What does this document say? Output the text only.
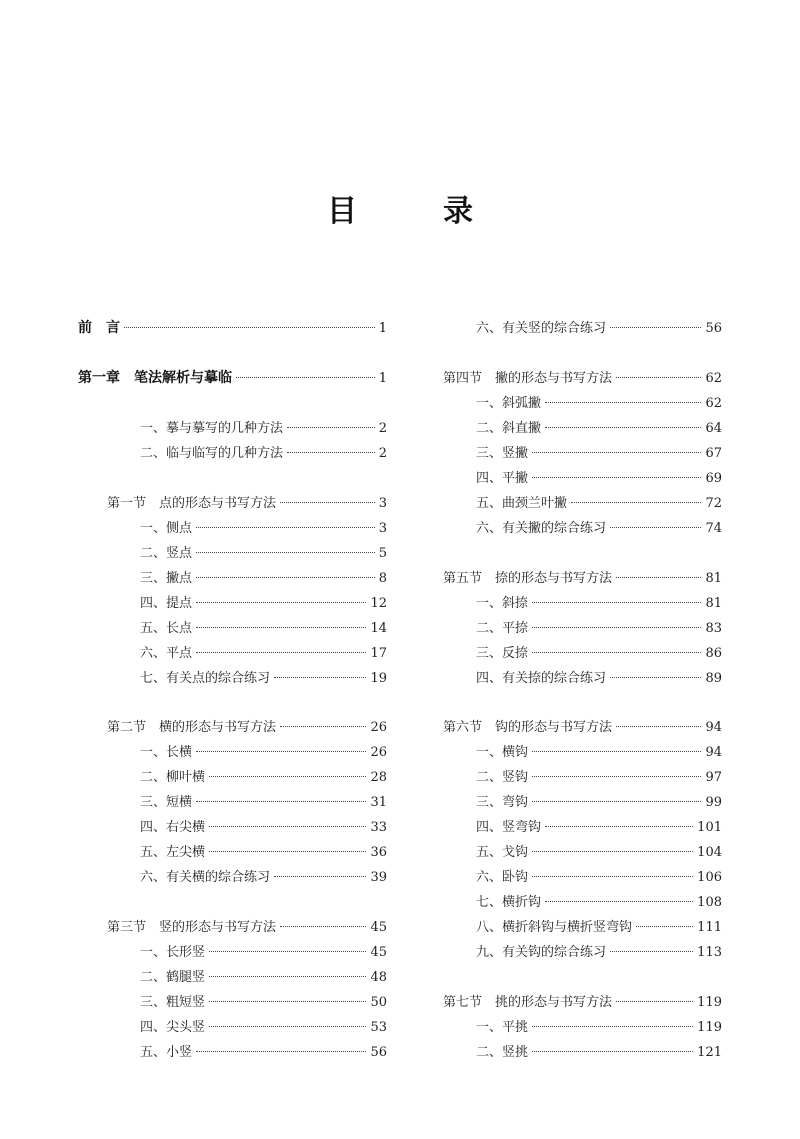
目　录
前　言	1
第一章　笔法解析与摹临	1
一、摹与摹写的几种方法	2
二、临与临写的几种方法	2
第一节　点的形态与书写方法	3
一、侧点	3
二、竖点	5
三、撇点	8
四、提点	12
五、长点	14
六、平点	17
七、有关点的综合练习	19
第二节　横的形态与书写方法	26
一、长横	26
二、柳叶横	28
三、短横	31
四、右尖横	33
五、左尖横	36
六、有关横的综合练习	39
第三节　竖的形态与书写方法	45
一、长形竖	45
二、鹤腿竖	48
三、粗短竖	50
四、尖头竖	53
五、小竖	56
六、有关竖的综合练习	56
第四节　撇的形态与书写方法	62
一、斜弧撇	62
二、斜直撇	64
三、竖撇	67
四、平撇	69
五、曲颈兰叶撇	72
六、有关撇的综合练习	74
第五节　捺的形态与书写方法	81
一、斜捺	81
二、平捺	83
三、反捺	86
四、有关捺的综合练习	89
第六节　钩的形态与书写方法	94
一、横钩	94
二、竖钩	97
三、弯钩	99
四、竖弯钩	101
五、戈钩	104
六、卧钩	106
七、横折钩	108
八、横折斜钩与横折竖弯钩	111
九、有关钩的综合练习	113
第七节　挑的形态与书写方法	119
一、平挑	119
二、竖挑	121
